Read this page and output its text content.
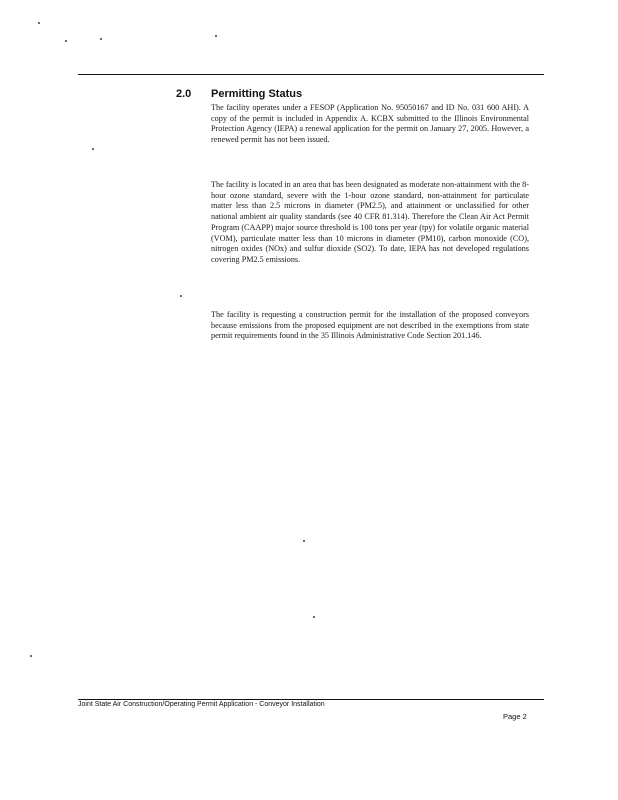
2.0 Permitting Status
The facility operates under a FESOP (Application No. 95050167 and ID No. 031 600 AHI). A copy of the permit is included in Appendix A. KCBX submitted to the Illinois Environmental Protection Agency (IEPA) a renewal application for the permit on January 27, 2005. However, a renewed permit has not been issued.
The facility is located in an area that has been designated as moderate non-attainment with the 8-hour ozone standard, severe with the 1-hour ozone standard, non-attainment for particulate matter less than 2.5 microns in diameter (PM2.5), and attainment or unclassified for other national ambient air quality standards (see 40 CFR 81.314). Therefore the Clean Air Act Permit Program (CAAPP) major source threshold is 100 tons per year (tpy) for volatile organic material (VOM), particulate matter less than 10 microns in diameter (PM10), carbon monoxide (CO), nitrogen oxides (NOx) and sulfur dioxide (SO2). To date, IEPA has not developed regulations covering PM2.5 emissions.
The facility is requesting a construction permit for the installation of the proposed conveyors because emissions from the proposed equipment are not described in the exemptions from state permit requirements found in the 35 Illinois Administrative Code Section 201.146.
Joint State Air Construction/Operating Permit Application - Conveyor Installation
Page 2
